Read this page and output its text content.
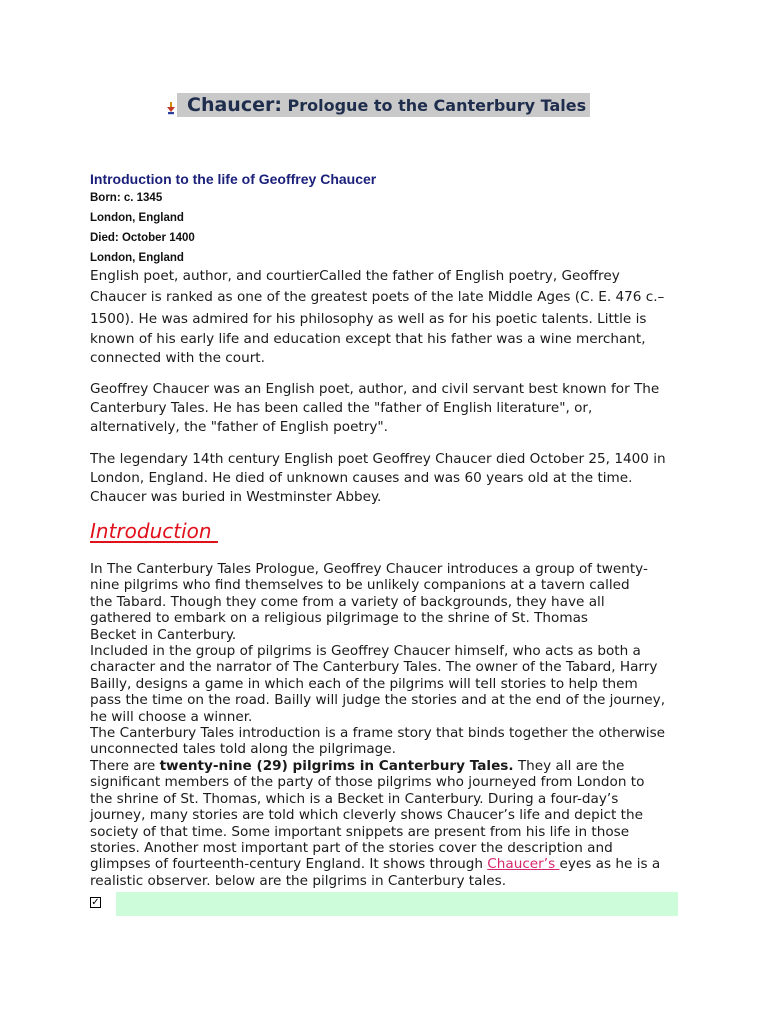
Chaucer: Prologue to the Canterbury Tales
Introduction to the life of Geoffrey Chaucer
Born: c. 1345
London, England
Died: October 1400
London, England
English poet, author, and courtierCalled the father of English poetry, Geoffrey
Chaucer is ranked as one of the greatest poets of the late Middle Ages (C. E. 476 c.–
1500). He was admired for his philosophy as well as for his poetic talents. Little is
known of his early life and education except that his father was a wine merchant,
connected with the court.
Geoffrey Chaucer was an English poet, author, and civil servant best known for The
Canterbury Tales. He has been called the "father of English literature", or,
alternatively, the "father of English poetry".
The legendary 14th century English poet Geoffrey Chaucer died October 25, 1400 in
London, England. He died of unknown causes and was 60 years old at the time.
Chaucer was buried in Westminster Abbey.
Introduction

In The Canterbury Tales Prologue, Geoffrey Chaucer introduces a group of twenty-
nine pilgrims who find themselves to be unlikely companions at a tavern called
the Tabard. Though they come from a variety of backgrounds, they have all
gathered to embark on a religious pilgrimage to the shrine of St. Thomas
Becket in Canterbury.

Included in the group of pilgrims is Geoffrey Chaucer himself, who acts as both a
character and the narrator of The Canterbury Tales. The owner of the Tabard, Harry
Bailly, designs a game in which each of the pilgrims will tell stories to help them
pass the time on the road. Bailly will judge the stories and at the end of the journey,
he will choose a winner.

The Canterbury Tales introduction is a frame story that binds together the otherwise
unconnected tales told along the pilgrimage.

There are twenty-nine (29) pilgrims in Canterbury Tales. They all are the
significant members of the party of those pilgrims who journeyed from London to
the shrine of St. Thomas, which is a Becket in Canterbury. During a four-day’s
journey, many stories are told which cleverly shows Chaucer’s life and depict the
society of that time. Some important snippets are present from his life in those
stories. Another most important part of the stories cover the description and
glimpses of fourteenth-century England. It shows through Chaucer’s eyes as he is a
realistic observer. below are the pilgrims in Canterbury tales.

✓
